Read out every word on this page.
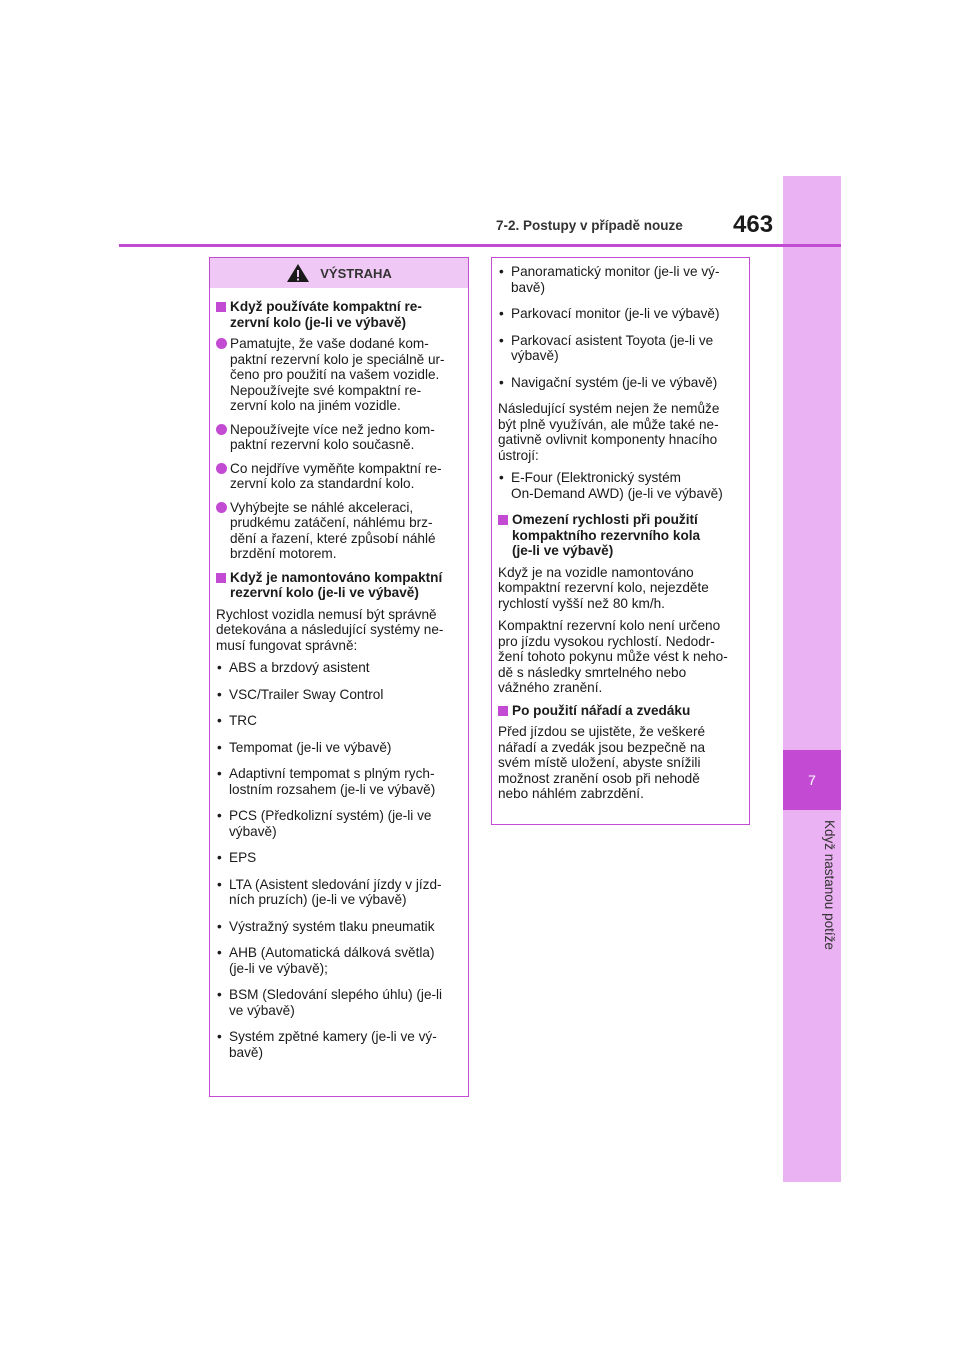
7
Když nastanou potíže
7-2. Postupy v případě nouze 463
VÝSTRAHA
Když používáte kompaktní re-
zervní kolo (je-li ve výbavě)
Pamatujte, že vaše dodané kom-
paktní rezervní kolo je speciálně ur-
čeno pro použití na vašem vozidle.
Nepoužívejte své kompaktní re-
zervní kolo na jiném vozidle.
Nepoužívejte více než jedno kom-
paktní rezervní kolo současně.
Co nejdříve vyměňte kompaktní re-
zervní kolo za standardní kolo.
Vyhýbejte se náhlé akceleraci,
prudkému zatáčení, náhlému brz-
dění a řazení, které způsobí náhlé
brzdění motorem.
Když je namontováno kompaktní
rezervní kolo (je-li ve výbavě)

Rychlost vozidla nemusí být správně
detekována a následující systémy ne-
musí fungovat správně:

• ABS a brzdový asistent
• VSC/Trailer Sway Control
• TRC
• Tempomat (je-li ve výbavě)
• Adaptivní tempomat s plným rych-
lostním rozsahem (je-li ve výbavě)
• PCS (Předkolizní systém) (je-li ve
výbavě)
• EPS
• LTA (Asistent sledování jízdy v jízd-
ních pruzích) (je-li ve výbavě)
• Výstražný systém tlaku pneumatik
• AHB (Automatická dálková světla)
(je-li ve výbavě);
• BSM (Sledování slepého úhlu) (je-li
ve výbavě)
• Systém zpětné kamery (je-li ve vý-
bavě)
• Panoramatický monitor (je-li ve vý-
bavě)
• Parkovací monitor (je-li ve výbavě)
• Parkovací asistent Toyota (je-li ve
výbavě)
• Navigační systém (je-li ve výbavě)

Následující systém nejen že nemůže
být plně využíván, ale může také ne-
gativně ovlivnit komponenty hnacího
ústrojí:

• E-Four (Elektronický systém
On-Demand AWD) (je-li ve výbavě)
Omezení rychlosti při použití
kompaktního rezervního kola
(je-li ve výbavě)

Když je na vozidle namontováno
kompaktní rezervní kolo, nejezděte
rychlostí vyšší než 80 km/h.

Kompaktní rezervní kolo není určeno
pro jízdu vysokou rychlostí. Nedodr-
žení tohoto pokynu může vést k neho-
dě s následky smrtelného nebo
vážného zranění.

Po použití nářadí a zvedáku

Před jízdou se ujistěte, že veškeré
nářadí a zvedák jsou bezpečně na
svém místě uložení, abyste snížili
možnost zranění osob při nehodě
nebo náhlém zabrzdění.
